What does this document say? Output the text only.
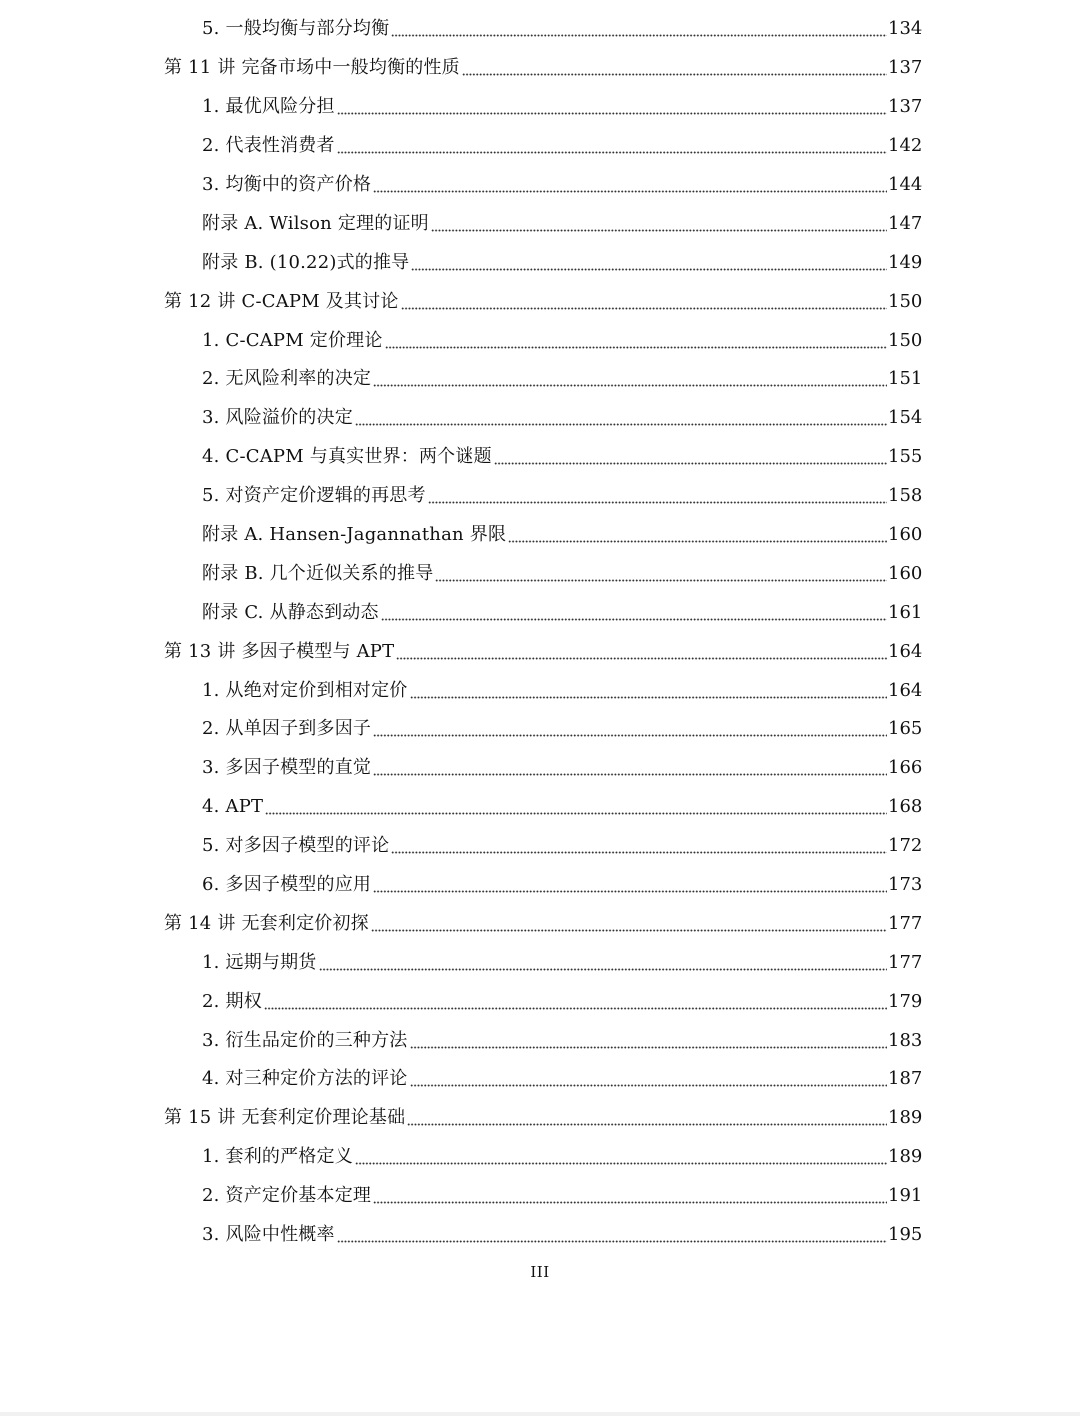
5. 一般均衡与部分均衡	134
第 11 讲 完备市场中一般均衡的性质	137
1. 最优风险分担	137
2. 代表性消费者	142
3. 均衡中的资产价格	144
附录 A. Wilson 定理的证明	147
附录 B. (10.22)式的推导	149
第 12 讲 C-CAPM 及其讨论	150
1. C-CAPM 定价理论	150
2. 无风险利率的决定	151
3. 风险溢价的决定	154
4. C-CAPM 与真实世界：两个谜题	155
5. 对资产定价逻辑的再思考	158
附录 A. Hansen-Jagannathan 界限	160
附录 B. 几个近似关系的推导	160
附录 C. 从静态到动态	161
第 13 讲 多因子模型与 APT	164
1. 从绝对定价到相对定价	164
2. 从单因子到多因子	165
3. 多因子模型的直觉	166
4. APT	168
5. 对多因子模型的评论	172
6. 多因子模型的应用	173
第 14 讲 无套利定价初探	177
1. 远期与期货	177
2. 期权	179
3. 衍生品定价的三种方法	183
4. 对三种定价方法的评论	187
第 15 讲 无套利定价理论基础	189
1. 套利的严格定义	189
2. 资产定价基本定理	191
3. 风险中性概率	195
III
